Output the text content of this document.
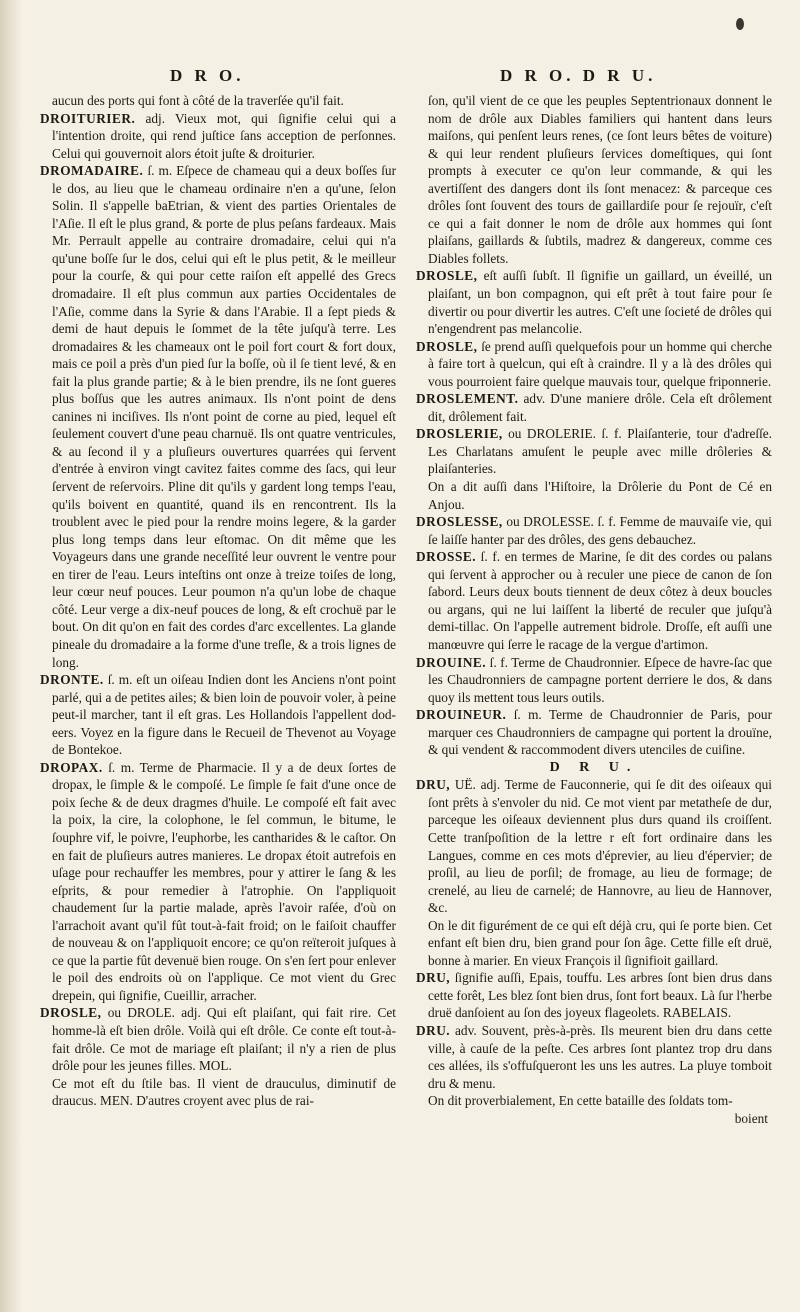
D R O.	D R O. D R U.

aucun des ports qui font à côté de la traverſée qu'il fait.

DROITURIER. adj. Vieux mot, qui ſignifie celui qui a l'intention droite, qui rend juſtice ſans acception de perſonnes. Celui qui gouvernoit alors étoit juſte & droiturier.

DROMADAIRE. ſ. m. Eſpece de chameau qui a deux boſſes ſur le dos, au lieu que le chameau ordinaire n'en a qu'une, ſelon Solin. Il s'appelle baEtrian, & vient des parties Orientales de l'Aſie. Il eſt le plus grand, & porte de plus peſans fardeaux. Mais Mr. Perrault appelle au contraire dromadaire, celui qui n'a qu'une boſſe ſur le dos, celui qui eſt le plus petit, & le meilleur pour la courſe, & qui pour cette raiſon eſt appellé des Grecs dromadaire. Il eſt plus commun aux parties Occidentales de l'Aſie, comme dans la Syrie & dans l'Arabie. Il a ſept pieds & demi de haut depuis le ſommet de la tête juſqu'à terre. Les dromadaires & les chameaux ont le poil fort court & fort doux, mais ce poil a près d'un pied ſur la boſſe, où il ſe tient levé, & en fait la plus grande partie; & à le bien prendre, ils ne ſont gueres plus boſſus que les autres animaux. Ils n'ont point de dens canines ni inciſives. Ils n'ont point de corne au pied, lequel eſt ſeulement couvert d'une peau charnuë. Ils ont quatre ventricules, & au ſecond il y a pluſieurs ouvertures quarrées qui ſervent d'entrée à environ vingt cavitez faites comme des ſacs, qui leur ſervent de reſervoirs. Pline dit qu'ils y gardent long temps l'eau, qu'ils boivent en quantité, quand ils en rencontrent. Ils la troublent avec le pied pour la rendre moins legere, & la garder plus long temps dans leur eſtomac. On dit même que les Voyageurs dans une grande neceſſité leur ouvrent le ventre pour en tirer de l'eau. Leurs inteſtins ont onze à treize toiſes de long, leur cœur neuf pouces. Leur poumon n'a qu'un lobe de chaque côté. Leur verge a dix-neuf pouces de long, & eſt crochuë par le bout. On dit qu'on en fait des cordes d'arc excellentes. La glande pineale du dromadaire a la forme d'une treſle, & a trois lignes de long.

DRONTE. ſ. m. eſt un oiſeau Indien dont les Anciens n'ont point parlé, qui a de petites ailes; & bien loin de pouvoir voler, à peine peut-il marcher, tant il eſt gras. Les Hollandois l'appellent dod-eers. Voyez en la figure dans le Recueil de Thevenot au Voyage de Bontekoe.

DROPAX. ſ. m. Terme de Pharmacie. Il y a de deux ſortes de dropax, le ſimple & le compoſé. Le ſimple ſe fait d'une once de poix ſeche & de deux dragmes d'huile. Le compoſé eſt fait avec la poix, la cire, la colophone, le ſel commun, le bitume, le ſouphre vif, le poivre, l'euphorbe, les cantharides & le caſtor. On en fait de pluſieurs autres manieres. Le dropax étoit autrefois en uſage pour rechauffer les membres, pour y attirer le ſang & les eſprits, & pour remedier à l'atrophie. On l'appliquoit chaudement ſur la partie malade, après l'avoir raſée, d'où on l'arrachoit avant qu'il fût tout-à-fait froid; on le faiſoit chauffer de nouveau & on l'appliquoit encore; ce qu'on reïteroit juſques à ce que la partie fût devenuë bien rouge. On s'en ſert pour enlever le poil des endroits où on l'applique. Ce mot vient du Grec drepein, qui ſignifie, Cueillir, arracher.

DROSLE, ou DROLE. adj. Qui eſt plaiſant, qui fait rire. Cet homme-là eſt bien drôle. Voilà qui eſt drôle. Ce conte eſt tout-à-fait drôle. Ce mot de mariage eſt plaiſant; il n'y a rien de plus drôle pour les jeunes filles. MOL.

Ce mot eſt du ſtile bas. Il vient de drauculus, diminutif de draucus. MEN. D'autres croyent avec plus de rai-

ſon, qu'il vient de ce que les peuples Septentrionaux donnent le nom de drôle aux Diables familiers qui hantent dans leurs maiſons, qui penſent leurs renes, (ce ſont leurs bêtes de voiture) & qui leur rendent pluſieurs ſervices domeſtiques, qui ſont prompts à executer ce qu'on leur commande, & qui les avertiſſent des dangers dont ils ſont menacez: & parceque ces drôles ſont ſouvent des tours de gaillardiſe pour ſe rejouïr, c'eſt ce qui a fait donner le nom de drôle aux hommes qui ſont plaiſans, gaillards & ſubtils, madrez & dangereux, comme ces Diables follets.

DROSLE, eſt auſſi ſubſt. Il ſignifie un gaillard, un éveillé, un plaiſant, un bon compagnon, qui eſt prêt à tout faire pour ſe divertir ou pour divertir les autres. C'eſt une ſocieté de drôles qui n'engendrent pas melancolie.

DROSLE, ſe prend auſſi quelquefois pour un homme qui cherche à faire tort à quelcun, qui eſt à craindre. Il y a là des drôles qui vous pourroient faire quelque mauvais tour, quelque friponnerie.

DROSLEMENT. adv. D'une maniere drôle. Cela eſt drôlement dit, drôlement fait.

DROSLERIE, ou DROLERIE. ſ. f. Plaiſanterie, tour d'adreſſe. Les Charlatans amuſent le peuple avec mille drôleries & plaiſanteries.

On a dit auſſi dans l'Hiſtoire, la Drôlerie du Pont de Cé en Anjou.

DROSLESSE, ou DROLESSE. ſ. f. Femme de mauvaiſe vie, qui ſe laiſſe hanter par des drôles, des gens debauchez.

DROSSE. ſ. f. en termes de Marine, ſe dit des cordes ou palans qui ſervent à approcher ou à reculer une piece de canon de ſon ſabord. Leurs deux bouts tiennent de deux côtez à deux boucles ou argans, qui ne lui laiſſent la liberté de reculer que juſqu'à demi-tillac. On l'appelle autrement bidrole. Droſſe, eſt auſſi une manœuvre qui ſerre le racage de la vergue d'artimon.

DROUINE. ſ. f. Terme de Chaudronnier. Eſpece de havre-ſac que les Chaudronniers de campagne portent derriere le dos, & dans quoy ils mettent tous leurs outils.

DROUINEUR. ſ. m. Terme de Chaudronnier de Paris, pour marquer ces Chaudronniers de campagne qui portent la drouïne, & qui vendent & raccommodent divers utenciles de cuiſine.

D R U.

DRU, UË. adj. Terme de Fauconnerie, qui ſe dit des oiſeaux qui ſont prêts à s'envoler du nid. Ce mot vient par metatheſe de dur, parceque les oiſeaux deviennent plus durs quand ils croiſſent. Cette tranſpoſition de la lettre r eſt fort ordinaire dans les Langues, comme en ces mots d'éprevier, au lieu d'épervier; de proſil, au lieu de porſil; de fromage, au lieu de formage; de crenelé, au lieu de carnelé; de Hannovre, au lieu de Hannover, &c.

On le dit figurément de ce qui eſt déjà cru, qui ſe porte bien. Cet enfant eſt bien dru, bien grand pour ſon âge. Cette fille eſt druë, bonne à marier. En vieux François il ſignifioit gaillard.

DRU, ſignifie auſſi, Epais, touffu. Les arbres ſont bien drus dans cette forêt, Les blez ſont bien drus, ſont fort beaux. Là ſur l'herbe druë danſoient au ſon des joyeux flageolets. RABELAIS.

DRU. adv. Souvent, près-à-près. Ils meurent bien dru dans cette ville, à cauſe de la peſte. Ces arbres ſont plantez trop dru dans ces allées, ils s'offuſqueront les uns les autres. La pluye tomboit dru & menu.

On dit proverbialement, En cette bataille des ſoldats tom-

boient
